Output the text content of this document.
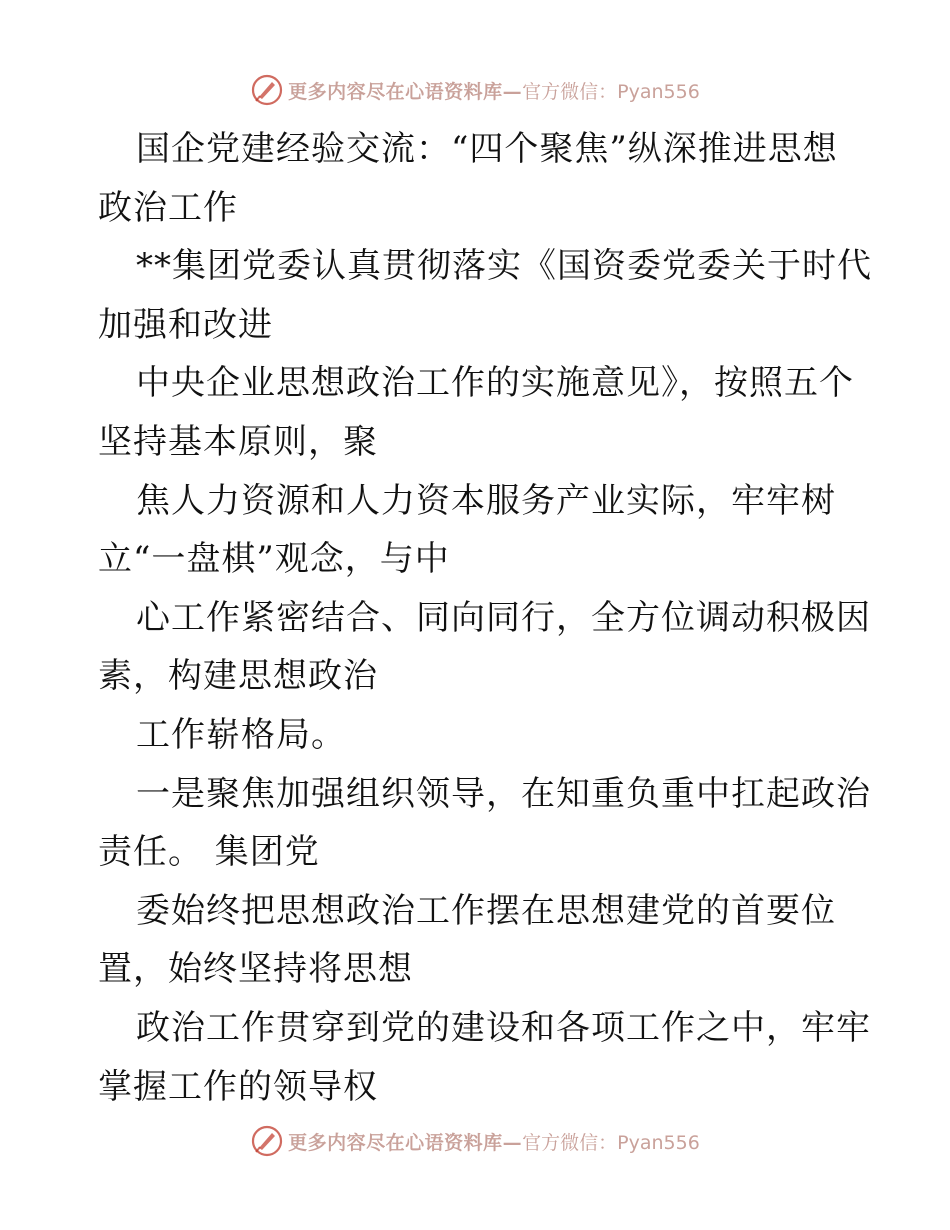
更多内容尽在心语资料库— 官方微信：Pyan556
国企党建经验交流：“四个聚焦”纵深推进思想
政治工作
**集团党委认真贯彻落实《国资委党委关于时代
加强和改进
中央企业思想政治工作的实施意见》，按照五个
坚持基本原则，聚
焦人力资源和人力资本服务产业实际，牢牢树
立“一盘棋”观念，与中
心工作紧密结合、同向同行，全方位调动积极因
素，构建思想政治
工作崭格局。
一是聚焦加强组织领导，在知重负重中扛起政治
责任。 集团党
委始终把思想政治工作摆在思想建党的首要位
置，始终坚持将思想
政治工作贯穿到党的建设和各项工作之中，牢牢
掌握工作的领导权
更多内容尽在心语资料库— 官方微信：Pyan556
